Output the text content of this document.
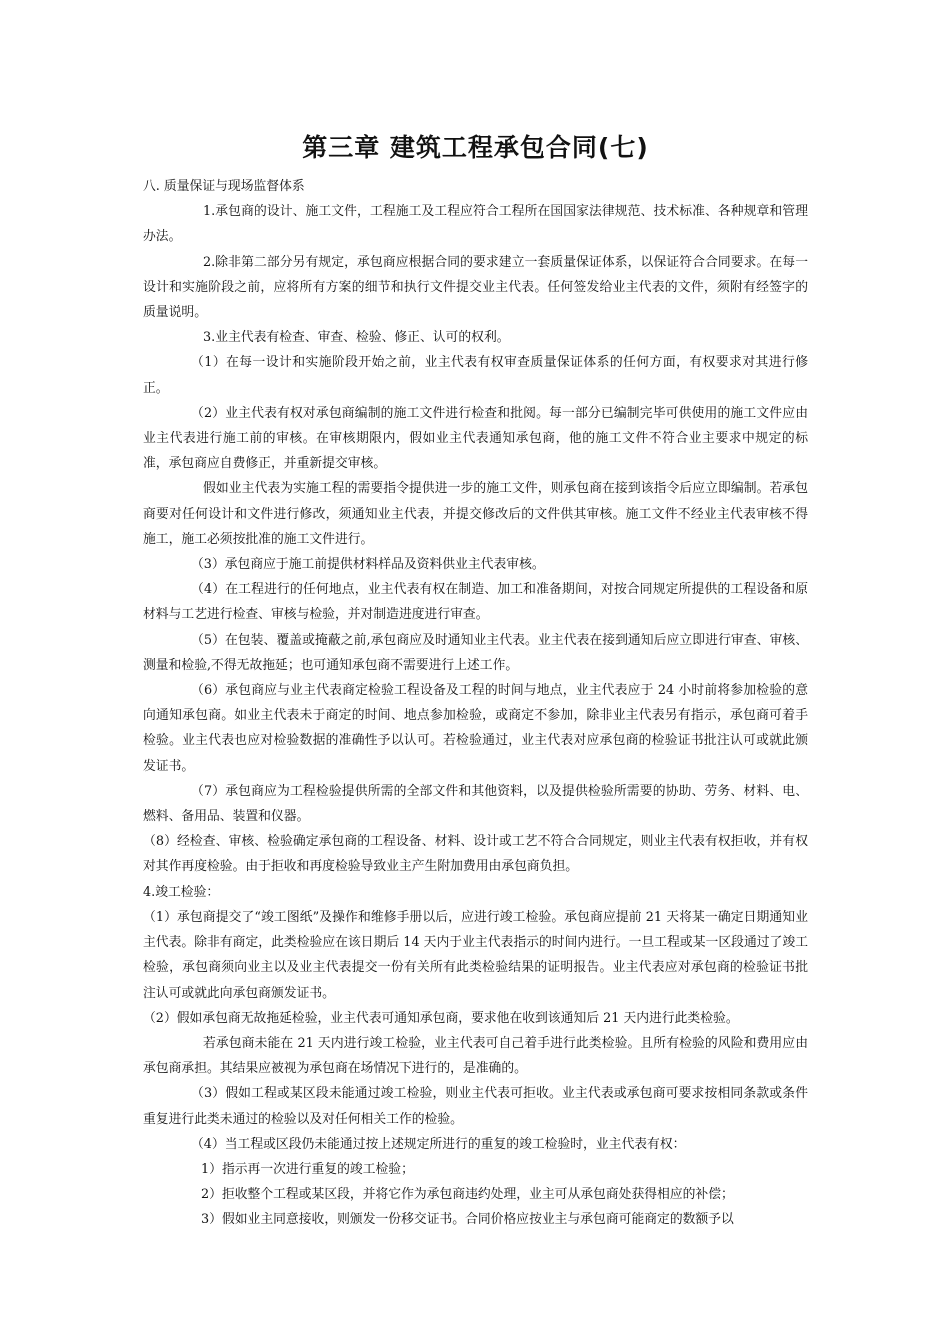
第三章 建筑工程承包合同(七)

八. 质量保证与现场监督体系

1.承包商的设计、施工文件，工程施工及工程应符合工程所在国国家法律规范、技术标准、各种规章和管理办法。

2.除非第二部分另有规定，承包商应根据合同的要求建立一套质量保证体系，以保证符合合同要求。在每一设计和实施阶段之前，应将所有方案的细节和执行文件提交业主代表。任何签发给业主代表的文件，须附有经签字的质量说明。

3.业主代表有检查、审查、检验、修正、认可的权利。

（1）在每一设计和实施阶段开始之前，业主代表有权审查质量保证体系的任何方面，有权要求对其进行修正。

（2）业主代表有权对承包商编制的施工文件进行检查和批阅。每一部分已编制完毕可供使用的施工文件应由业主代表进行施工前的审核。在审核期限内，假如业主代表通知承包商，他的施工文件不符合业主要求中规定的标准，承包商应自费修正，并重新提交审核。

假如业主代表为实施工程的需要指令提供进一步的施工文件，则承包商在接到该指令后应立即编制。若承包商要对任何设计和文件进行修改，须通知业主代表，并提交修改后的文件供其审核。施工文件不经业主代表审核不得施工，施工必须按批准的施工文件进行。

（3）承包商应于施工前提供材料样品及资料供业主代表审核。

（4）在工程进行的任何地点，业主代表有权在制造、加工和准备期间，对按合同规定所提供的工程设备和原材料与工艺进行检查、审核与检验，并对制造进度进行审查。

（5）在包装、覆盖或掩蔽之前,承包商应及时通知业主代表。业主代表在接到通知后应立即进行审查、审核、测量和检验,不得无故拖延；也可通知承包商不需要进行上述工作。

（6）承包商应与业主代表商定检验工程设备及工程的时间与地点，业主代表应于 24 小时前将参加检验的意向通知承包商。如业主代表未于商定的时间、地点参加检验，或商定不参加，除非业主代表另有指示，承包商可着手检验。业主代表也应对检验数据的准确性予以认可。若检验通过，业主代表对应承包商的检验证书批注认可或就此颁发证书。

（7）承包商应为工程检验提供所需的全部文件和其他资料，以及提供检验所需要的协助、劳务、材料、电、燃料、备用品、装置和仪器。

（8）经检查、审核、检验确定承包商的工程设备、材料、设计或工艺不符合合同规定，则业主代表有权拒收，并有权对其作再度检验。由于拒收和再度检验导致业主产生附加费用由承包商负担。

4.竣工检验：

（1）承包商提交了“竣工图纸”及操作和维修手册以后，应进行竣工检验。承包商应提前 21 天将某一确定日期通知业主代表。除非有商定，此类检验应在该日期后 14 天内于业主代表指示的时间内进行。一旦工程或某一区段通过了竣工检验，承包商须向业主以及业主代表提交一份有关所有此类检验结果的证明报告。业主代表应对承包商的检验证书批注认可或就此向承包商颁发证书。

（2）假如承包商无故拖延检验，业主代表可通知承包商，要求他在收到该通知后 21 天内进行此类检验。

若承包商未能在 21 天内进行竣工检验，业主代表可自己着手进行此类检验。且所有检验的风险和费用应由承包商承担。其结果应被视为承包商在场情况下进行的，是准确的。

（3）假如工程或某区段未能通过竣工检验，则业主代表可拒收。业主代表或承包商可要求按相同条款或条件重复进行此类未通过的检验以及对任何相关工作的检验。

（4）当工程或区段仍未能通过按上述规定所进行的重复的竣工检验时，业主代表有权：

1）指示再一次进行重复的竣工检验；

2）拒收整个工程或某区段，并将它作为承包商违约处理，业主可从承包商处获得相应的补偿；

3）假如业主同意接收，则颁发一份移交证书。合同价格应按业主与承包商可能商定的数额予以
